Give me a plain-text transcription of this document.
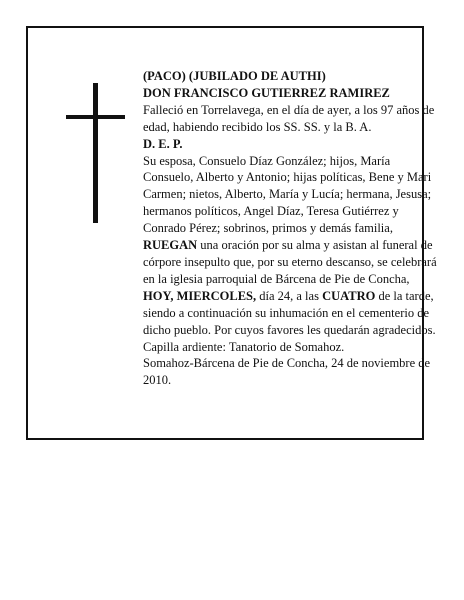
(PACO) (JUBILADO DE AUTHI)

DON FRANCISCO GUTIERREZ RAMIREZ

Falleció en Torrelavega, en el día de ayer, a los 97 años de edad, habiendo recibido los SS. SS. y la B. A.

D. E. P.

Su esposa, Consuelo Díaz González; hijos, María Consuelo, Alberto y Antonio; hijas políticas, Bene y Mari Carmen; nietos, Alberto, María y Lucía; hermana, Jesusa; hermanos políticos, Angel Díaz, Teresa Gutiérrez y Conrado Pérez; sobrinos, primos y demás familia,

RUEGAN una oración por su alma y asistan al funeral de córpore insepulto que, por su eterno descanso, se celebrará en la iglesia parroquial de Bárcena de Pie de Concha, HOY, MIERCOLES, día 24, a las CUATRO de la tarde, siendo a continuación su inhumación en el cementerio de dicho pueblo. Por cuyos favores les quedarán agradecidos. Capilla ardiente: Tanatorio de Somahoz.

Somahoz-Bárcena de Pie de Concha, 24 de noviembre de 2010.
